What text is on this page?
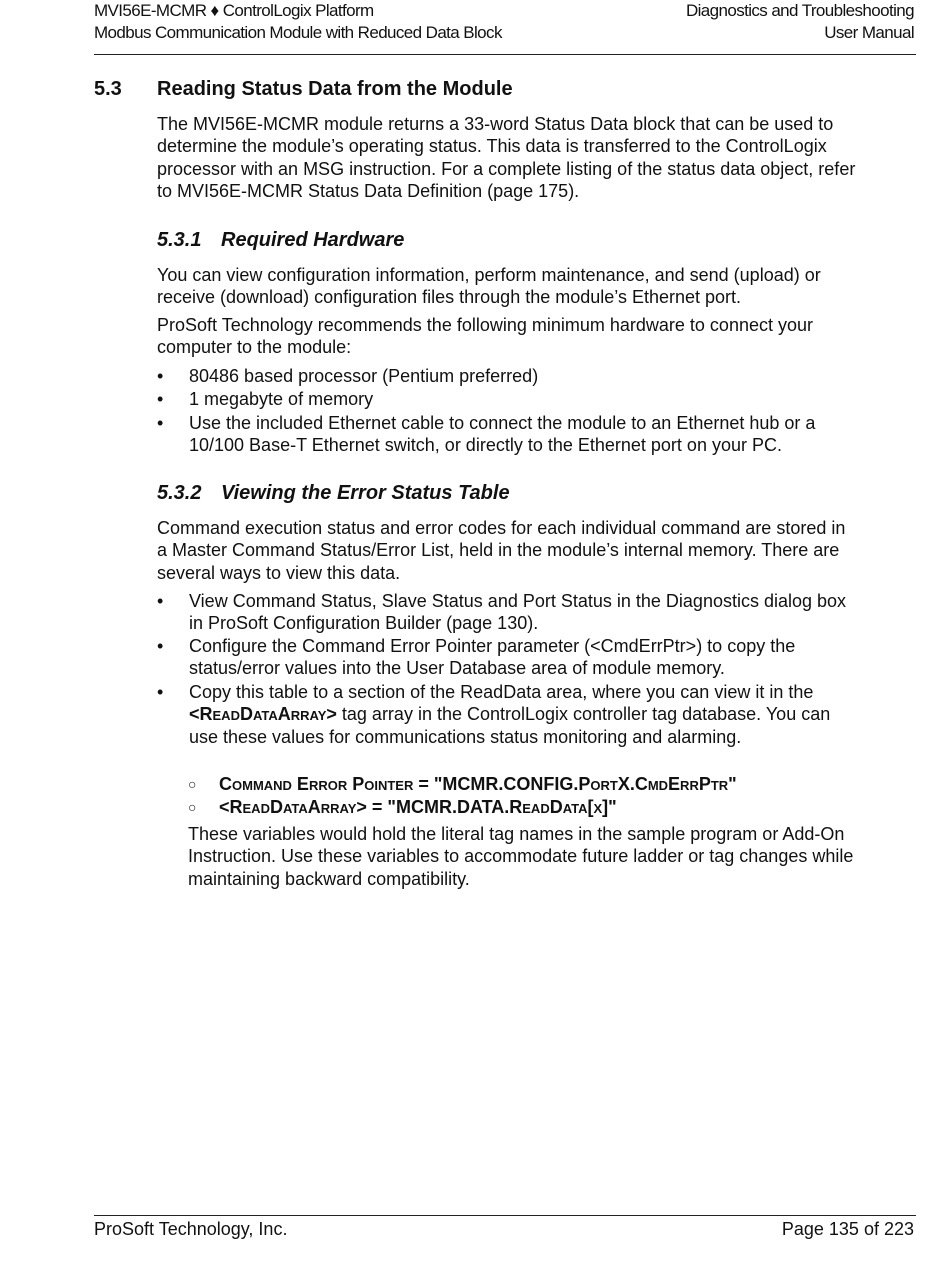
MVI56E-MCMR ♦ ControlLogix Platform
Modbus Communication Module with Reduced Data Block
Diagnostics and Troubleshooting
User Manual
5.3 Reading Status Data from the Module
The MVI56E-MCMR module returns a 33-word Status Data block that can be used to determine the module’s operating status. This data is transferred to the ControlLogix processor with an MSG instruction. For a complete listing of the status data object, refer to MVI56E-MCMR Status Data Definition (page 175).
5.3.1 Required Hardware
You can view configuration information, perform maintenance, and send (upload) or receive (download) configuration files through the module’s Ethernet port.
ProSoft Technology recommends the following minimum hardware to connect your computer to the module:
• 80486 based processor (Pentium preferred)
• 1 megabyte of memory
• Use the included Ethernet cable to connect the module to an Ethernet hub or a 10/100 Base-T Ethernet switch, or directly to the Ethernet port on your PC.
5.3.2 Viewing the Error Status Table
Command execution status and error codes for each individual command are stored in a Master Command Status/Error List, held in the module’s internal memory. There are several ways to view this data.
• View Command Status, Slave Status and Port Status in the Diagnostics dialog box in ProSoft Configuration Builder (page 130).
• Configure the Command Error Pointer parameter (<CmdErrPtr>) to copy the status/error values into the User Database area of module memory.
• Copy this table to a section of the ReadData area, where you can view it in the <ReadDataArray> tag array in the ControlLogix controller tag database. You can use these values for communications status monitoring and alarming.
○ Command Error Pointer = "MCMR.CONFIG.PortX.CmdErrPtr"
○ <ReadDataArray> = "MCMR.DATA.ReadData[x]"
These variables would hold the literal tag names in the sample program or Add-On Instruction. Use these variables to accommodate future ladder or tag changes while maintaining backward compatibility.
ProSoft Technology, Inc.	Page 135 of 223
